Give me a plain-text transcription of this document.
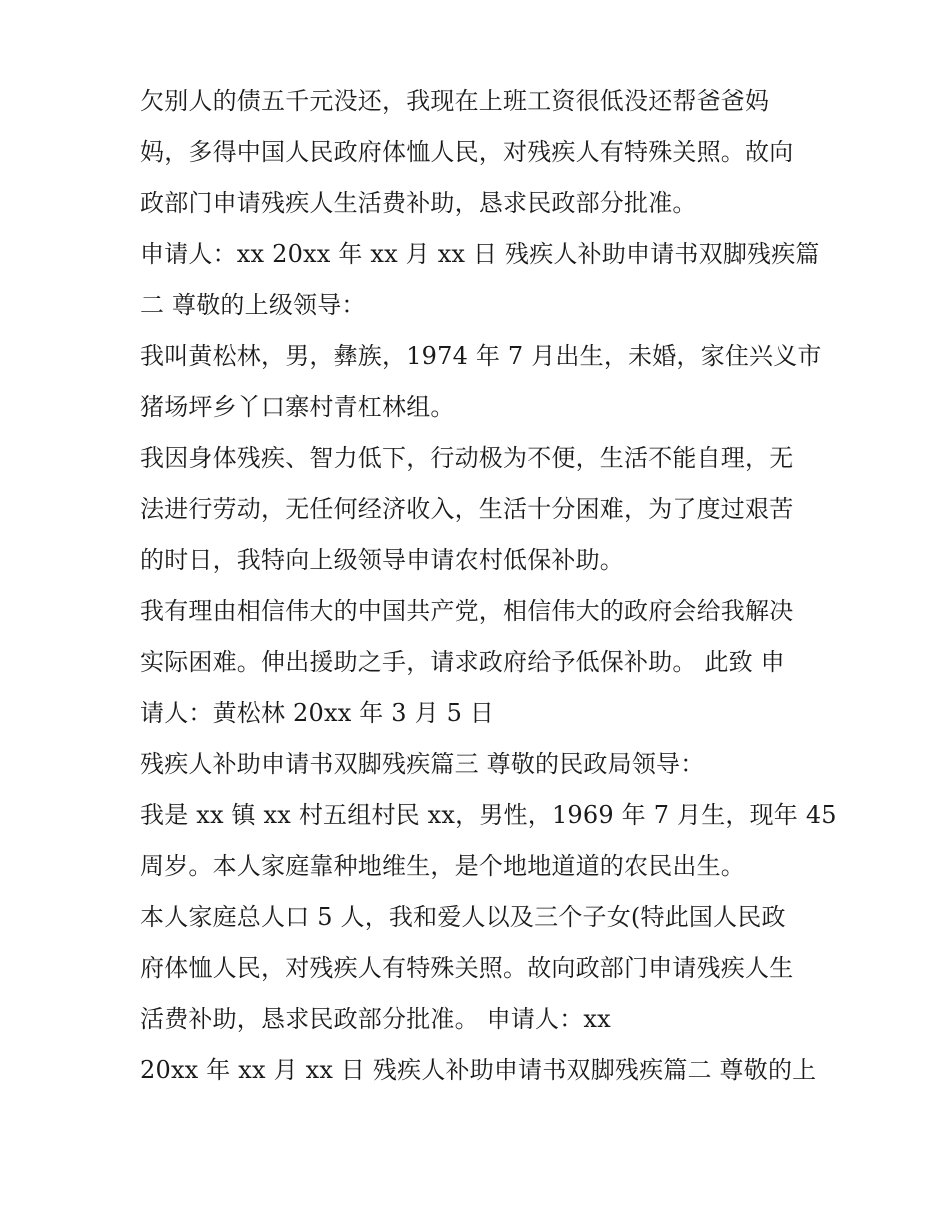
欠别人的债五千元没还，我现在上班工资很低没还帮爸爸妈
妈，多得中国人民政府体恤人民，对残疾人有特殊关照。故向
政部门申请残疾人生活费补助，恳求民政部分批准。
申请人：xx 20xx 年 xx 月 xx 日 残疾人补助申请书双脚残疾篇
二 尊敬的上级领导：
我叫黄松林，男，彝族，1974 年 7 月出生，未婚，家住兴义市
猪场坪乡丫口寨村青杠林组。
我因身体残疾、智力低下，行动极为不便，生活不能自理，无
法进行劳动，无任何经济收入，生活十分困难，为了度过艰苦
的时日，我特向上级领导申请农村低保补助。
我有理由相信伟大的中国共产党，相信伟大的政府会给我解决
实际困难。伸出援助之手，请求政府给予低保补助。 此致 申
请人：黄松林 20xx 年 3 月 5 日
残疾人补助申请书双脚残疾篇三 尊敬的民政局领导：
我是 xx 镇 xx 村五组村民 xx，男性，1969 年 7 月生，现年 45
周岁。本人家庭靠种地维生，是个地地道道的农民出生。
本人家庭总人口 5 人，我和爱人以及三个子女(特此国人民政
府体恤人民，对残疾人有特殊关照。故向政部门申请残疾人生
活费补助，恳求民政部分批准。 申请人：xx
20xx 年 xx 月 xx 日 残疾人补助申请书双脚残疾篇二 尊敬的上
